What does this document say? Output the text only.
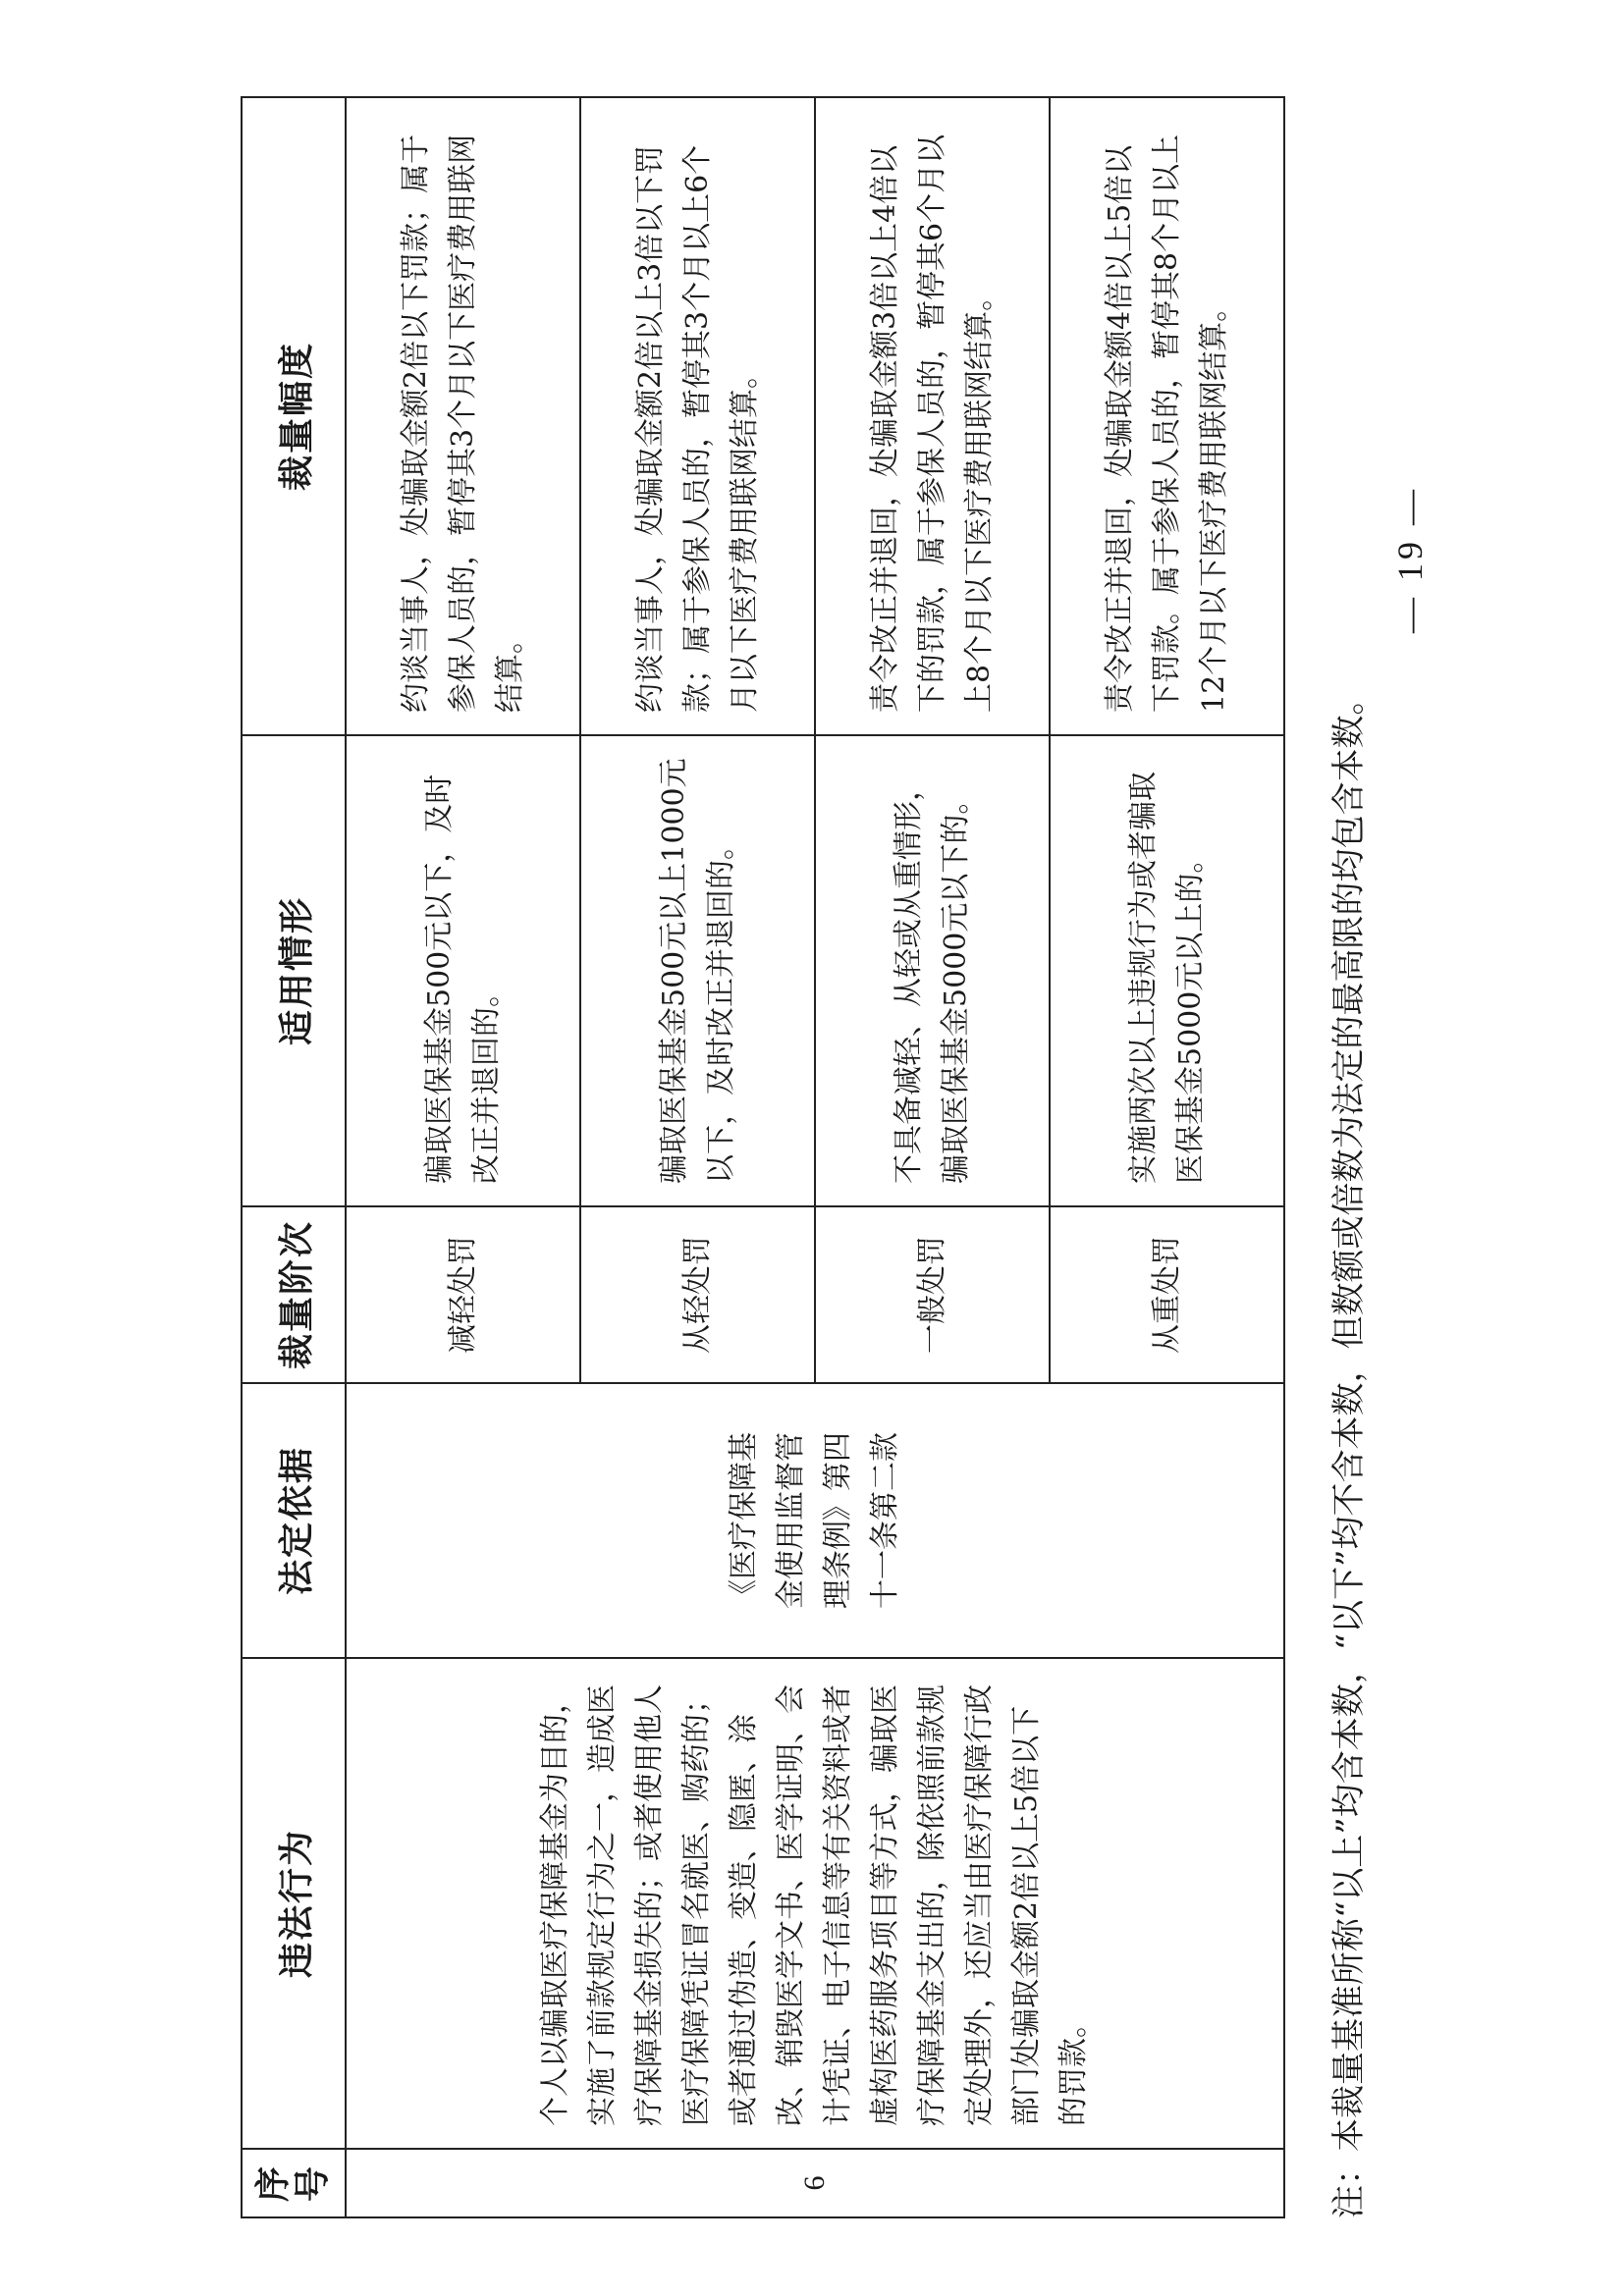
序号	违法行为	法定依据	裁量阶次	适用情形	裁量幅度
6	个人以骗取医疗保障基金为目的，实施了前款规定行为之一，造成医疗保障基金损失的；或者使用他人医疗保障凭证冒名就医、购药的；或者通过伪造、变造、隐匿、涂改、销毁医学文书、医学证明、会计凭证、电子信息等有关资料或者虚构医药服务项目等方式，骗取医疗保障基金支出的，除依照前款规定处理外，还应当由医疗保障行政部门处骗取金额2倍以上5倍以下的罚款。	《医疗保障基金使用监督管理条例》第四十一条第二款	减轻处罚	骗取医保基金500元以下，及时改正并退回的。	约谈当事人，处骗取金额2倍以下罚款；属于参保人员的，暂停其3个月以下医疗费用联网结算。
			从轻处罚	骗取医保基金500元以上1000元以下，及时改正并退回的。	约谈当事人，处骗取金额2倍以上3倍以下罚款；属于参保人员的，暂停其3个月以上6个月以下医疗费用联网结算。
			一般处罚	不具备减轻、从轻或从重情形，骗取医保基金5000元以下的。	责令改正并退回，处骗取金额3倍以上4倍以下的罚款，属于参保人员的，暂停其6个月以上8个月以下医疗费用联网结算。
			从重处罚	实施两次以上违规行为或者骗取医保基金5000元以上的。	责令改正并退回，处骗取金额4倍以上5倍以下罚款。属于参保人员的，暂停其8个月以上12个月以下医疗费用联网结算。
注：本裁量基准所称“以上”均含本数，“以下”均不含本数，但数额或倍数为法定的最高限的均包含本数。
— 19 —
